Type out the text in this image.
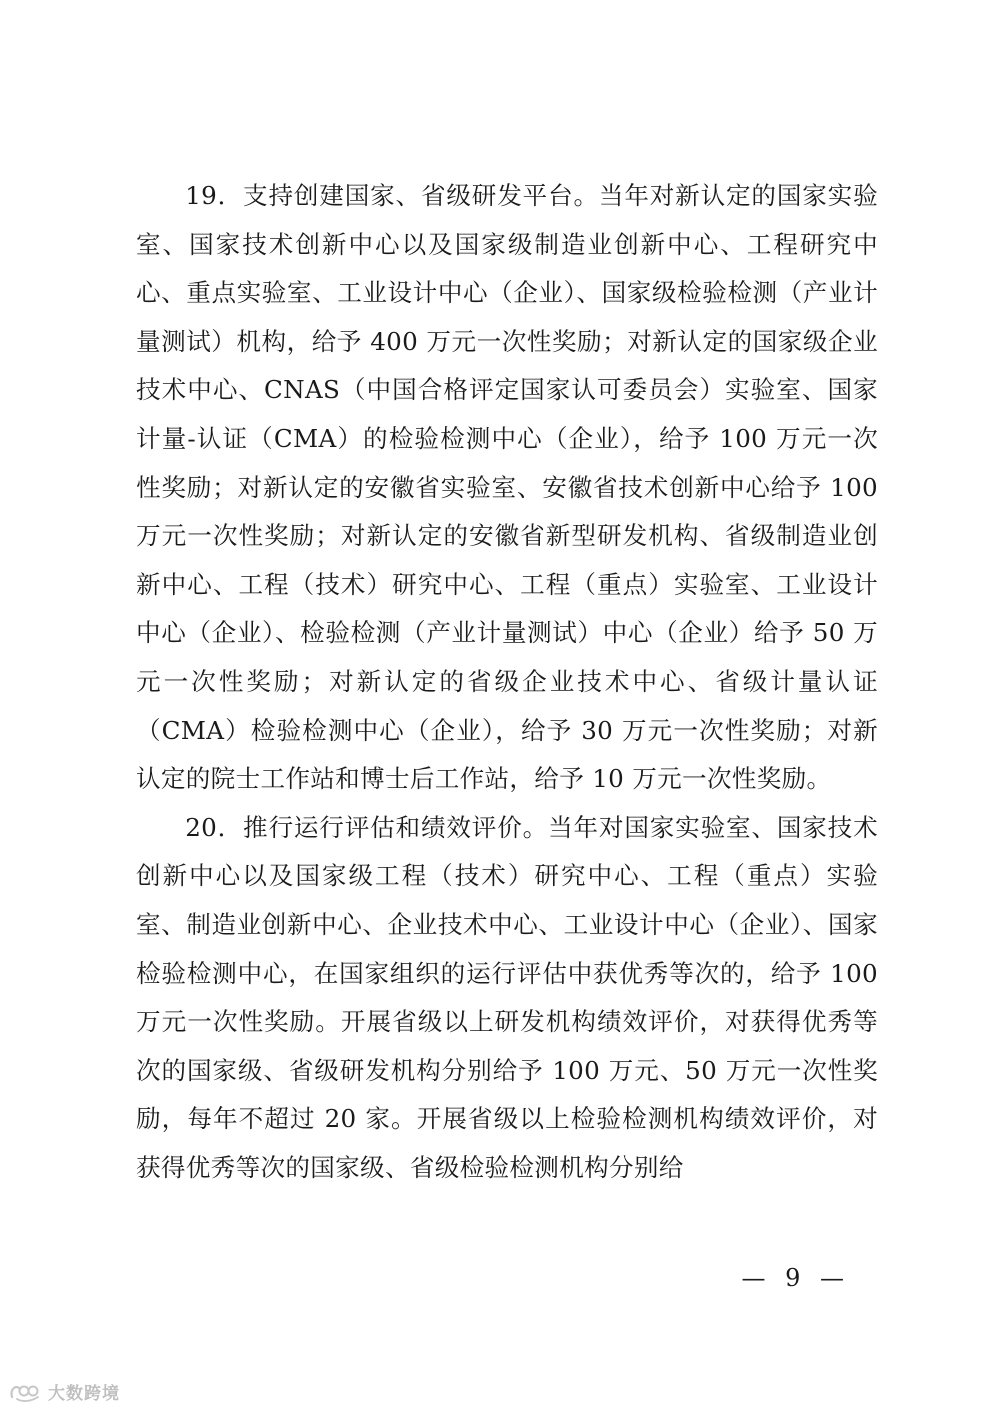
19．支持创建国家、省级研发平台。当年对新认定的国家实验室、国家技术创新中心以及国家级制造业创新中心、工程研究中心、重点实验室、工业设计中心（企业）、国家级检验检测（产业计量测试）机构，给予 400 万元一次性奖励；对新认定的国家级企业技术中心、CNAS（中国合格评定国家认可委员会）实验室、国家计量-认证（CMA）的检验检测中心（企业），给予 100 万元一次性奖励；对新认定的安徽省实验室、安徽省技术创新中心给予 100 万元一次性奖励；对新认定的安徽省新型研发机构、省级制造业创新中心、工程（技术）研究中心、工程（重点）实验室、工业设计中心（企业）、检验检测（产业计量测试）中心（企业）给予 50 万元一次性奖励；对新认定的省级企业技术中心、省级计量认证（CMA）检验检测中心（企业），给予 30 万元一次性奖励；对新认定的院士工作站和博士后工作站，给予 10 万元一次性奖励。

20．推行运行评估和绩效评价。当年对国家实验室、国家技术创新中心以及国家级工程（技术）研究中心、工程（重点）实验室、制造业创新中心、企业技术中心、工业设计中心（企业）、国家检验检测中心，在国家组织的运行评估中获优秀等次的，给予 100 万元一次性奖励。开展省级以上研发机构绩效评价，对获得优秀等次的国家级、省级研发机构分别给予 100 万元、50 万元一次性奖励，每年不超过 20 家。开展省级以上检验检测机构绩效评价，对获得优秀等次的国家级、省级检验检测机构分别给

— 9 —
大数跨境
